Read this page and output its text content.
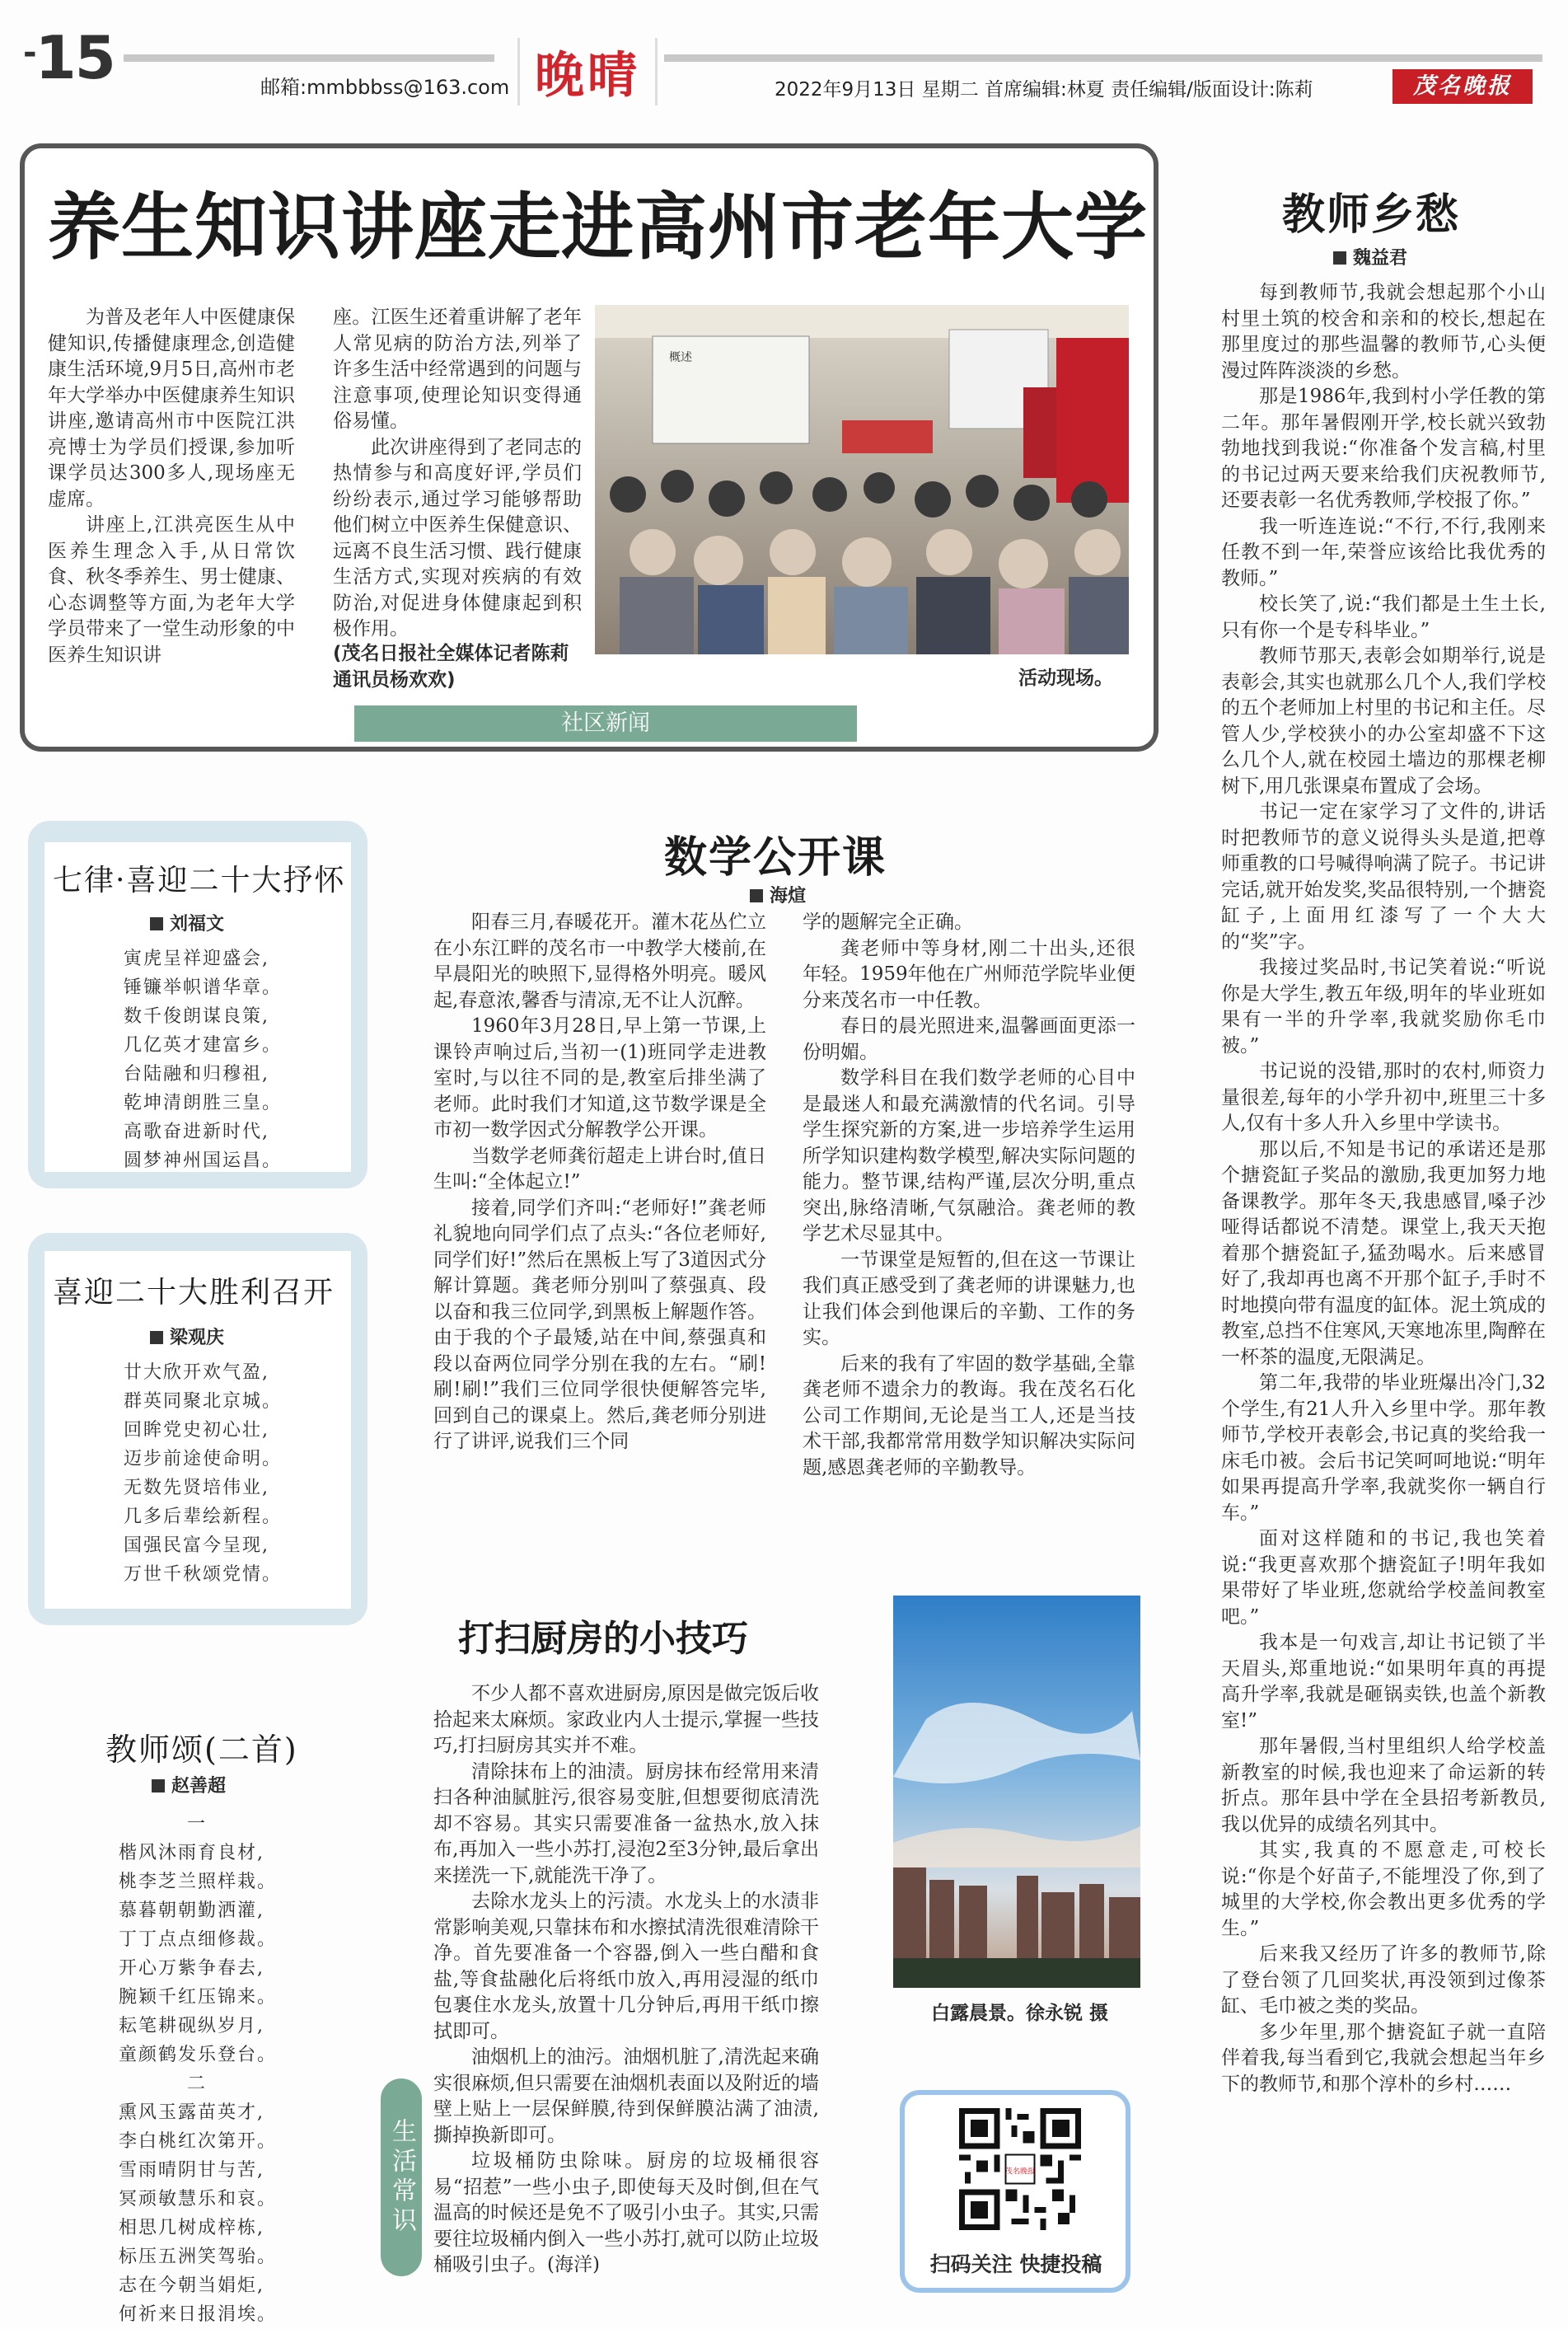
-15	邮箱:mmbbbss@163.com 晚晴	2022年9月13日 星期二 首席编辑:林夏 责任编辑/版面设计:陈莉	茂名晚报
养生知识讲座走进高州市老年大学

为普及老年人中医健康保健知识,传播健康理念,创造健康生活环境,9月5日,高州市老年大学举办中医健康养生知识讲座,邀请高州市中医院江洪亮博士为学员们授课,参加听课学员达300多人,现场座无虚席。

讲座上,江洪亮医生从中医养生理念入手,从日常饮食、秋冬季养生、男士健康、心态调整等方面,为老年大学学员带来了一堂生动形象的中医养生知识讲

座。江医生还着重讲解了老年人常见病的防治方法,列举了许多生活中经常遇到的问题与注意事项,使理论知识变得通俗易懂。

此次讲座得到了老同志的热情参与和高度好评,学员们纷纷表示,通过学习能够帮助他们树立中医养生保健意识、远离不良生活习惯、践行健康生活方式,实现对疾病的有效防治,对促进身体健康起到积极作用。

(茂名日报社全媒体记者陈莉 通讯员杨欢欢)
概述
活动现场。
社区新闻
七律·喜迎二十大抒怀
刘福文

寅虎呈祥迎盛会,

锤镰举帜谱华章。

数千俊朗谋良策,

几亿英才建富乡。

台陆融和归穆祖,

乾坤清朗胜三皇。

高歌奋进新时代,

圆梦神州国运昌。

喜迎二十大胜利召开
梁观庆

廿大欣开欢气盈,

群英同聚北京城。

回眸党史初心壮,

迈步前途使命明。

无数先贤培伟业,

几多后辈绘新程。

国强民富今呈现,

万世千秋颂党情。

教师颂(二首)
赵善超

一

楷风沐雨育良材,

桃李芝兰照样栽。

慕暮朝朝勤洒灌,

丁丁点点细修裁。

开心万紫争春去,

腕颖千红压锦来。

耘笔耕砚纵岁月,

童颜鹤发乐登台。

二

熏风玉露苗英才,

李白桃红次第开。

雪雨晴阴甘与苦,

冥顽敏慧乐和哀。

相思几树成梓栋,

标压五洲笑驾骀。

志在今朝当娟炬,

何祈来日报涓埃。

数学公开课
海煊

阳春三月,春暖花开。灌木花丛伫立在小东江畔的茂名市一中教学大楼前,在早晨阳光的映照下,显得格外明亮。暖风起,春意浓,馨香与清凉,无不让人沉醉。

1960年3月28日,早上第一节课,上课铃声响过后,当初一(1)班同学走进教室时,与以往不同的是,教室后排坐满了老师。此时我们才知道,这节数学课是全市初一数学因式分解教学公开课。

当数学老师龚衍超走上讲台时,值日生叫:“全体起立!”

接着,同学们齐叫:“老师好!”龚老师礼貌地向同学们点了点头:“各位老师好,同学们好!”然后在黑板上写了3道因式分解计算题。龚老师分别叫了蔡强真、段以奋和我三位同学,到黑板上解题作答。由于我的个子最矮,站在中间,蔡强真和段以奋两位同学分别在我的左右。“刷!刷!刷!”我们三位同学很快便解答完毕,回到自己的课桌上。然后,龚老师分别进行了讲评,说我们三个同

学的题解完全正确。

龚老师中等身材,刚二十出头,还很年轻。1959年他在广州师范学院毕业便分来茂名市一中任教。

春日的晨光照进来,温馨画面更添一份明媚。

数学科目在我们数学老师的心目中是最迷人和最充满激情的代名词。引导学生探究新的方案,进一步培养学生运用所学知识建构数学模型,解决实际问题的能力。整节课,结构严谨,层次分明,重点突出,脉络清晰,气氛融洽。龚老师的教学艺术尽显其中。

一节课堂是短暂的,但在这一节课让我们真正感受到了龚老师的讲课魅力,也让我们体会到他课后的辛勤、工作的务实。

后来的我有了牢固的数学基础,全靠龚老师不遗余力的教诲。我在茂名石化公司工作期间,无论是当工人,还是当技术干部,我都常常用数学知识解决实际问题,感恩龚老师的辛勤教导。

打扫厨房的小技巧

不少人都不喜欢进厨房,原因是做完饭后收拾起来太麻烦。家政业内人士提示,掌握一些技巧,打扫厨房其实并不难。

清除抹布上的油渍。厨房抹布经常用来清扫各种油腻脏污,很容易变脏,但想要彻底清洗却不容易。其实只需要准备一盆热水,放入抹布,再加入一些小苏打,浸泡2至3分钟,最后拿出来搓洗一下,就能洗干净了。

去除水龙头上的污渍。水龙头上的水渍非常影响美观,只靠抹布和水擦拭清洗很难清除干净。首先要准备一个容器,倒入一些白醋和食盐,等食盐融化后将纸巾放入,再用浸湿的纸巾包裹住水龙头,放置十几分钟后,再用干纸巾擦拭即可。

油烟机上的油污。油烟机脏了,清洗起来确实很麻烦,但只需要在油烟机表面以及附近的墙壁上贴上一层保鲜膜,待到保鲜膜沾满了油渍,撕掉换新即可。

垃圾桶防虫除味。厨房的垃圾桶很容易“招惹”一些小虫子,即使每天及时倒,但在气温高的时候还是免不了吸引小虫子。其实,只需要往垃圾桶内倒入一些小苏打,就可以防止垃圾桶吸引虫子。(海洋)

生活常识
白露晨景。徐永锐 摄
茂名晚报
扫码关注 快捷投稿
教师乡愁
魏益君

每到教师节,我就会想起那个小山村里土筑的校舍和亲和的校长,想起在那里度过的那些温馨的教师节,心头便漫过阵阵淡淡的乡愁。

那是1986年,我到村小学任教的第二年。那年暑假刚开学,校长就兴致勃勃地找到我说:“你准备个发言稿,村里的书记过两天要来给我们庆祝教师节,还要表彰一名优秀教师,学校报了你。”

我一听连连说:“不行,不行,我刚来任教不到一年,荣誉应该给比我优秀的教师。”

校长笑了,说:“我们都是土生土长,只有你一个是专科毕业。”

教师节那天,表彰会如期举行,说是表彰会,其实也就那么几个人,我们学校的五个老师加上村里的书记和主任。尽管人少,学校狭小的办公室却盛不下这么几个人,就在校园土墙边的那棵老柳树下,用几张课桌布置成了会场。

书记一定在家学习了文件的,讲话时把教师节的意义说得头头是道,把尊师重教的口号喊得响满了院子。书记讲完话,就开始发奖,奖品很特别,一个搪瓷缸子,上面用红漆写了一个大大的“奖”字。

我接过奖品时,书记笑着说:“听说你是大学生,教五年级,明年的毕业班如果有一半的升学率,我就奖励你毛巾被。”

书记说的没错,那时的农村,师资力量很差,每年的小学升初中,班里三十多人,仅有十多人升入乡里中学读书。

那以后,不知是书记的承诺还是那个搪瓷缸子奖品的激励,我更加努力地备课教学。那年冬天,我患感冒,嗓子沙哑得话都说不清楚。课堂上,我天天抱着那个搪瓷缸子,猛劲喝水。后来感冒好了,我却再也离不开那个缸子,手时不时地摸向带有温度的缸体。泥土筑成的教室,总挡不住寒风,天寒地冻里,陶醉在一杯茶的温度,无限满足。

第二年,我带的毕业班爆出冷门,32个学生,有21人升入乡里中学。那年教师节,学校开表彰会,书记真的奖给我一床毛巾被。会后书记笑呵呵地说:“明年如果再提高升学率,我就奖你一辆自行车。”

面对这样随和的书记,我也笑着说:“我更喜欢那个搪瓷缸子!明年我如果带好了毕业班,您就给学校盖间教室吧。”

我本是一句戏言,却让书记锁了半天眉头,郑重地说:“如果明年真的再提高升学率,我就是砸锅卖铁,也盖个新教室!”

那年暑假,当村里组织人给学校盖新教室的时候,我也迎来了命运新的转折点。那年县中学在全县招考新教员,我以优异的成绩名列其中。

其实,我真的不愿意走,可校长说:“你是个好苗子,不能埋没了你,到了城里的大学校,你会教出更多优秀的学生。”

后来我又经历了许多的教师节,除了登台领了几回奖状,再没领到过像茶缸、毛巾被之类的奖品。

多少年里,那个搪瓷缸子就一直陪伴着我,每当看到它,我就会想起当年乡下的教师节,和那个淳朴的乡村……
